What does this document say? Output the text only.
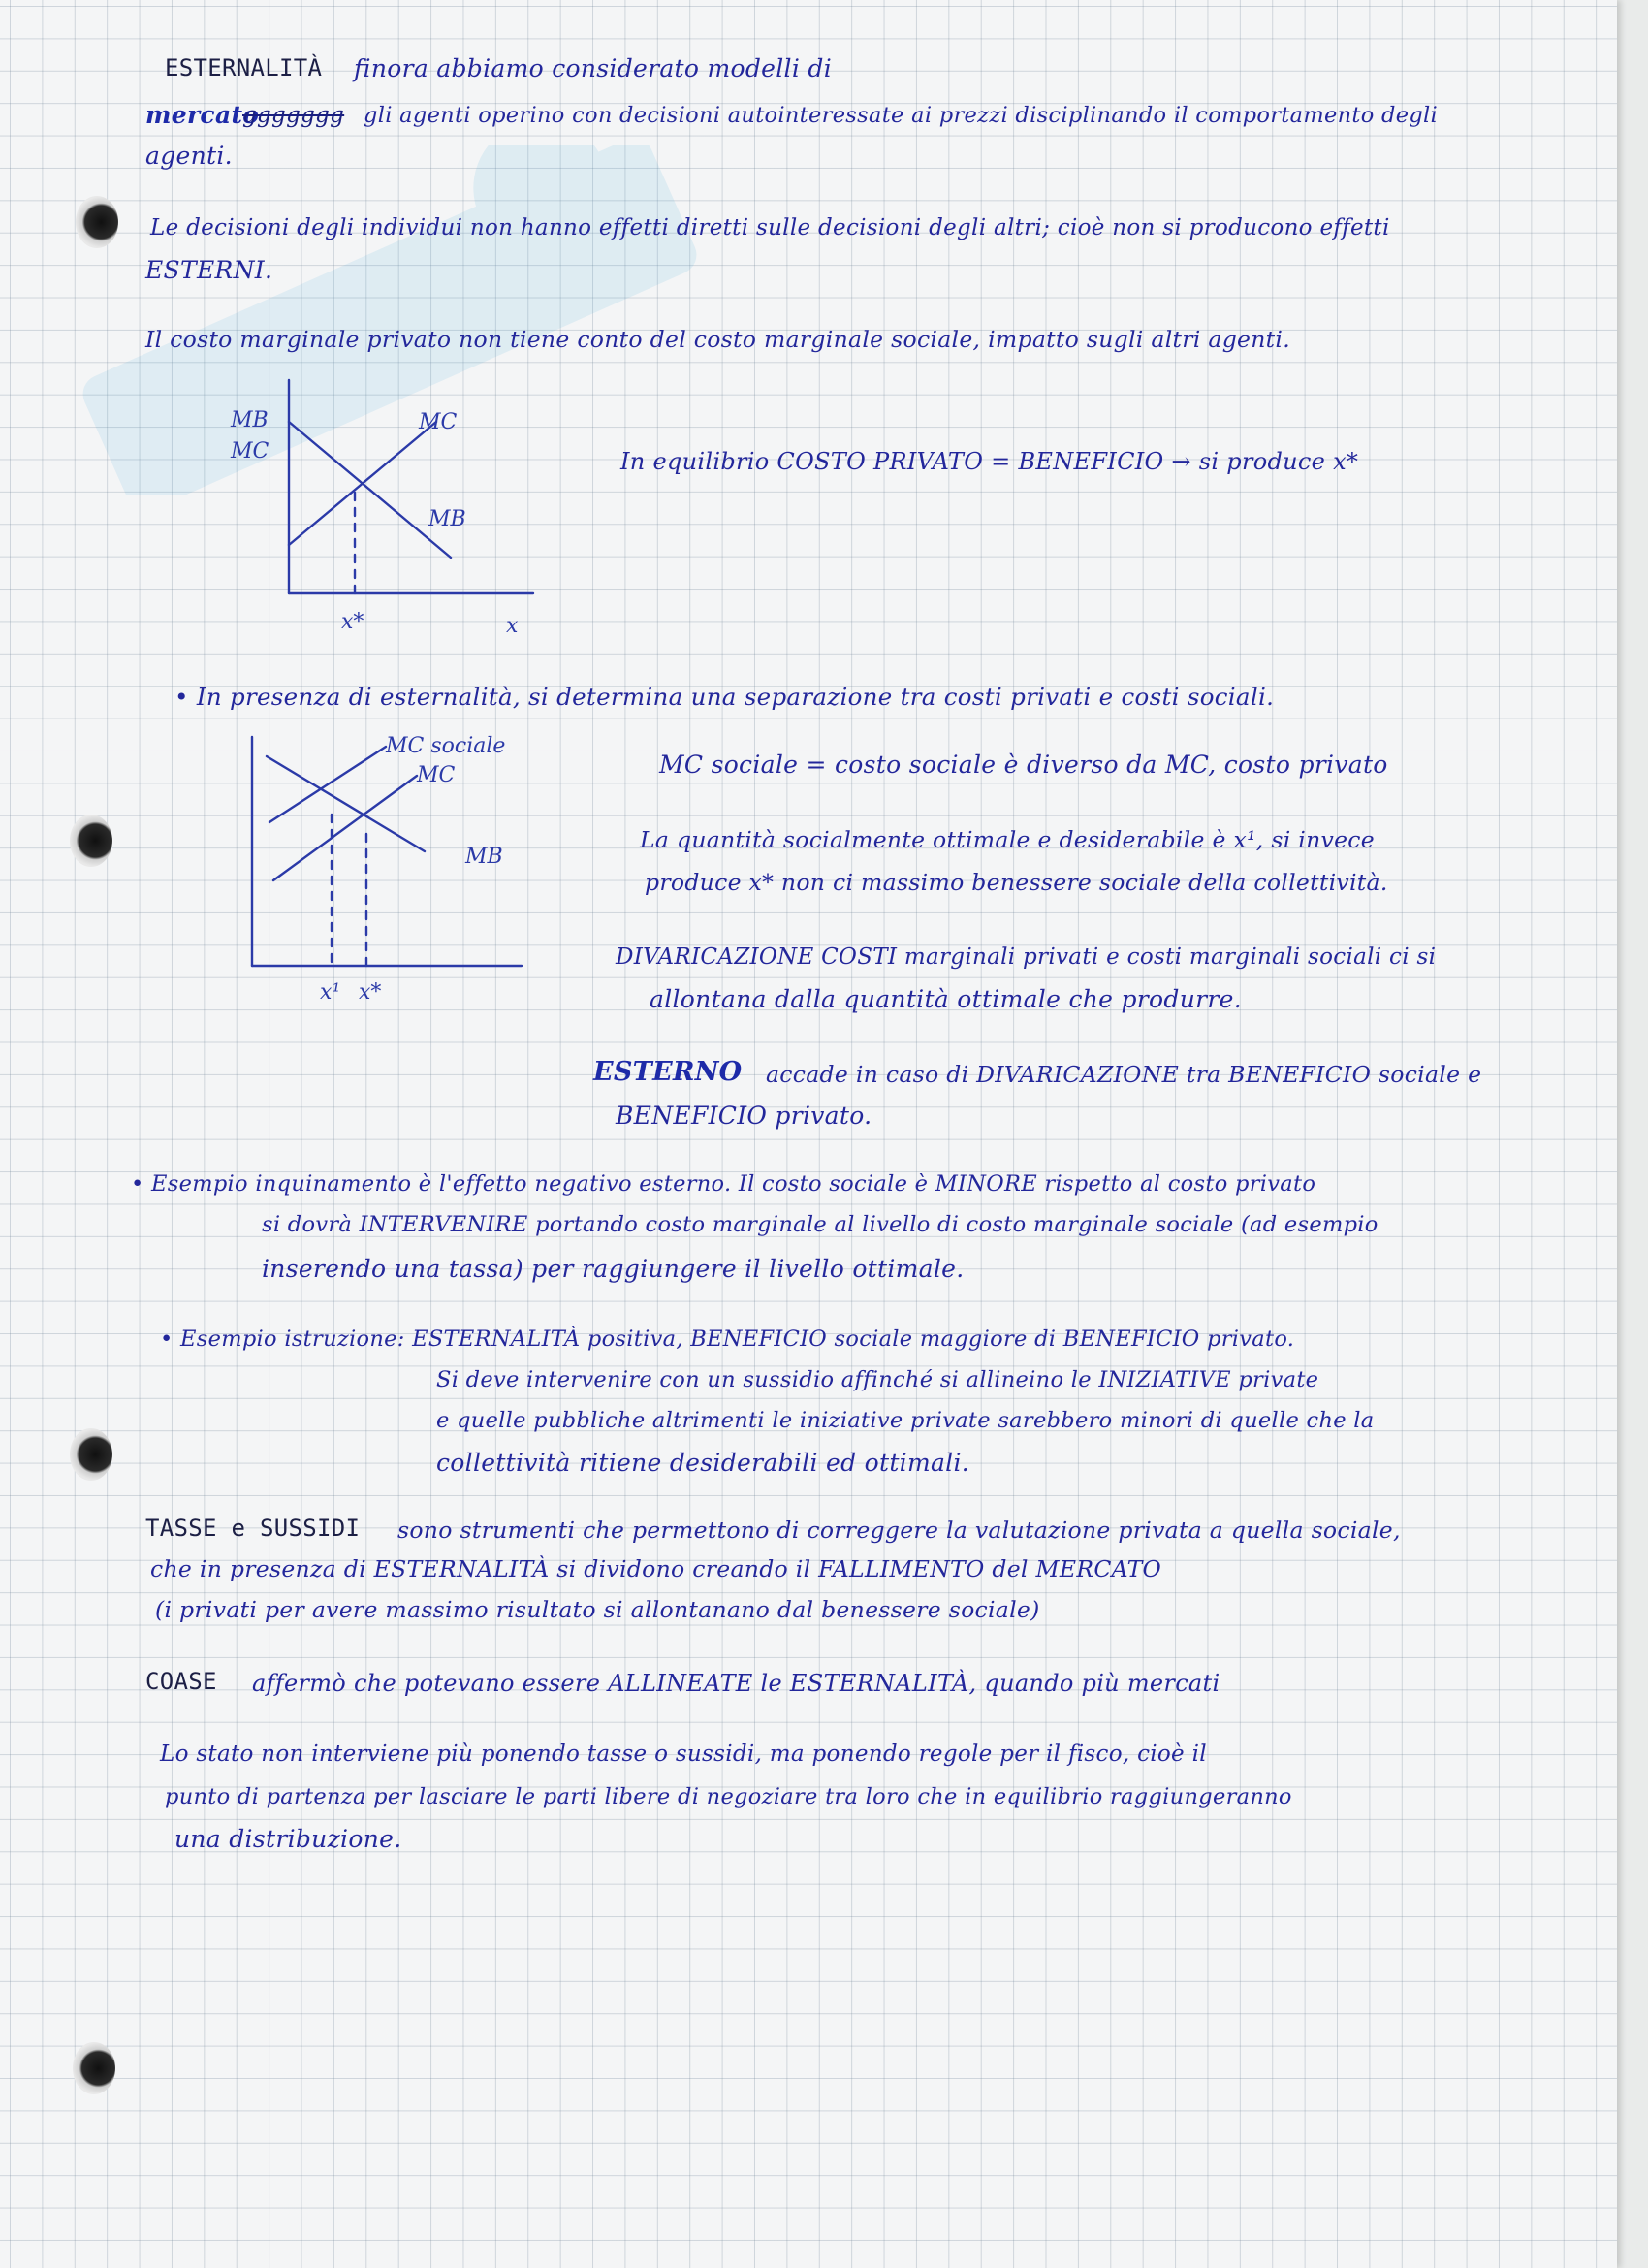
ESTERNALITÀ finora abbiamo considerato modelli di
mercato
ggggggg gli agenti operino con decisioni autointeressate ai prezzi disciplinando il comportamento degli
agenti.
Le decisioni degli individui non hanno effetti diretti sulle decisioni degli altri; cioè non si producono effetti
ESTERNI.
Il costo marginale privato non tiene conto del costo marginale sociale, impatto sugli altri agenti.
MB
MC
MC
MB
x*	x
In equilibrio COSTO PRIVATO = BENEFICIO → si produce x*
• In presenza di esternalità, si determina una separazione tra costi privati e costi sociali.
MC sociale
MC
MB
x¹ x*
MC sociale = costo sociale è diverso da MC, costo privato
La quantità socialmente ottimale e desiderabile è x¹, si invece
produce x* non ci massimo benessere sociale della collettività.
DIVARICAZIONE COSTI marginali privati e costi marginali sociali ci si
allontana dalla quantità ottimale che produrre.
ESTERNO accade in caso di DIVARICAZIONE tra BENEFICIO sociale e
BENEFICIO privato.
• Esempio inquinamento è l'effetto negativo esterno. Il costo sociale è MINORE rispetto al costo privato
si dovrà INTERVENIRE portando costo marginale al livello di costo marginale sociale (ad esempio
inserendo una tassa) per raggiungere il livello ottimale.
• Esempio istruzione: ESTERNALITÀ positiva, BENEFICIO sociale maggiore di BENEFICIO privato.
Si deve intervenire con un sussidio affinché si allineino le INIZIATIVE private
e quelle pubbliche altrimenti le iniziative private sarebbero minori di quelle che la
collettività ritiene desiderabili ed ottimali.
TASSE e SUSSIDI sono strumenti che permettono di correggere la valutazione privata a quella sociale,
che in presenza di ESTERNALITÀ si dividono creando il FALLIMENTO del MERCATO
(i privati per avere massimo risultato si allontanano dal benessere sociale)
COASE affermò che potevano essere ALLINEATE le ESTERNALITÀ, quando più mercati
Lo stato non interviene più ponendo tasse o sussidi, ma ponendo regole per il fisco, cioè il
punto di partenza per lasciare le parti libere di negoziare tra loro che in equilibrio raggiungeranno
una distribuzione.
